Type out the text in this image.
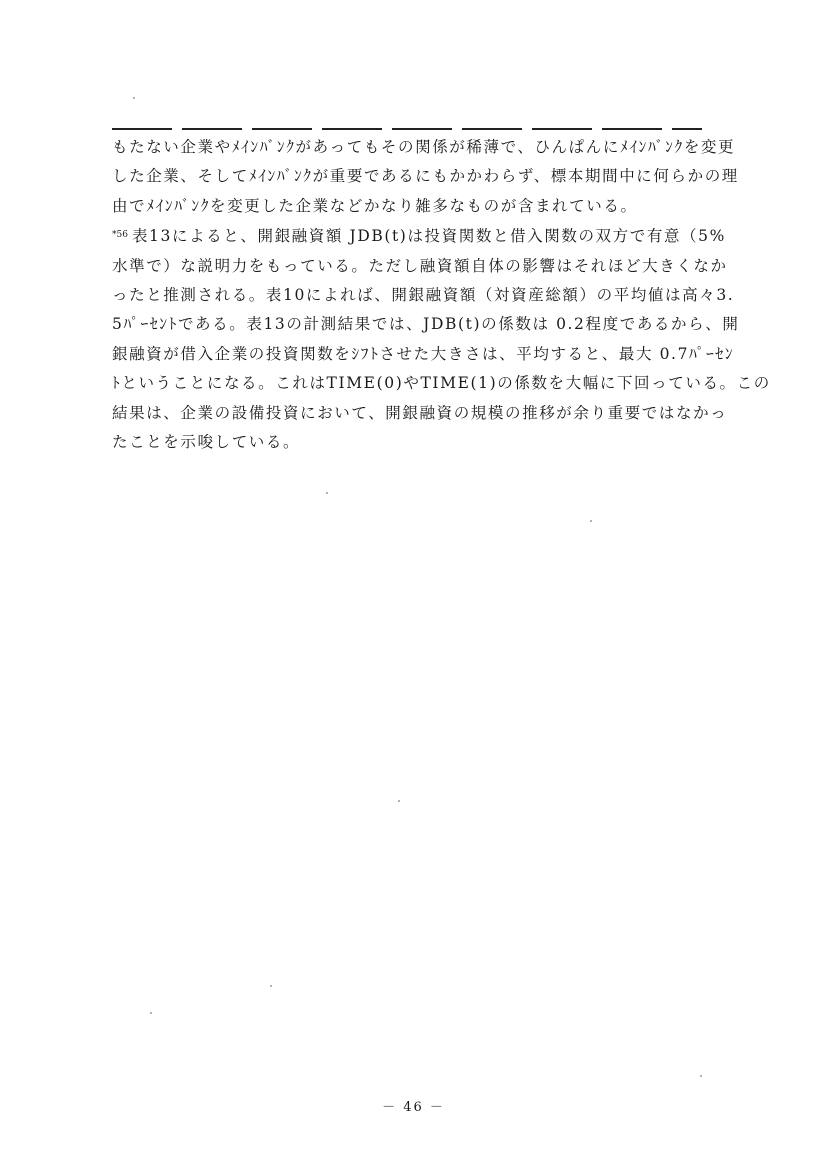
もたない企業やﾒｲﾝﾊﾞﾝｸがあってもその関係が稀薄で、ひんぱんにﾒｲﾝﾊﾞﾝｸを変更
した企業、そしてﾒｲﾝﾊﾞﾝｸが重要であるにもかかわらず、標本期間中に何らかの理
由でﾒｲﾝﾊﾞﾝｸを変更した企業などかなり雑多なものが含まれている。
$^{*56}$ 表13によると、開銀融資額 JDB(t)は投資関数と借入関数の双方で有意（5%
水準で）な説明力をもっている。ただし融資額自体の影響はそれほど大きくなか
ったと推測される。表10によれば、開銀融資額（対資産総額）の平均値は高々3.
5ﾊﾟｰｾﾝﾄである。表13の計測結果では、JDB(t)の係数は 0.2程度であるから、開
銀融資が借入企業の投資関数をｼﾌﾄさせた大きさは、平均すると、最大 0.7ﾊﾟｰｾﾝ
ﾄということになる。これはTIME(0)やTIME(1)の係数を大幅に下回っている。この
結果は、企業の設備投資において、開銀融資の規模の推移が余り重要ではなかっ
たことを示唆している。
－ 46 －
